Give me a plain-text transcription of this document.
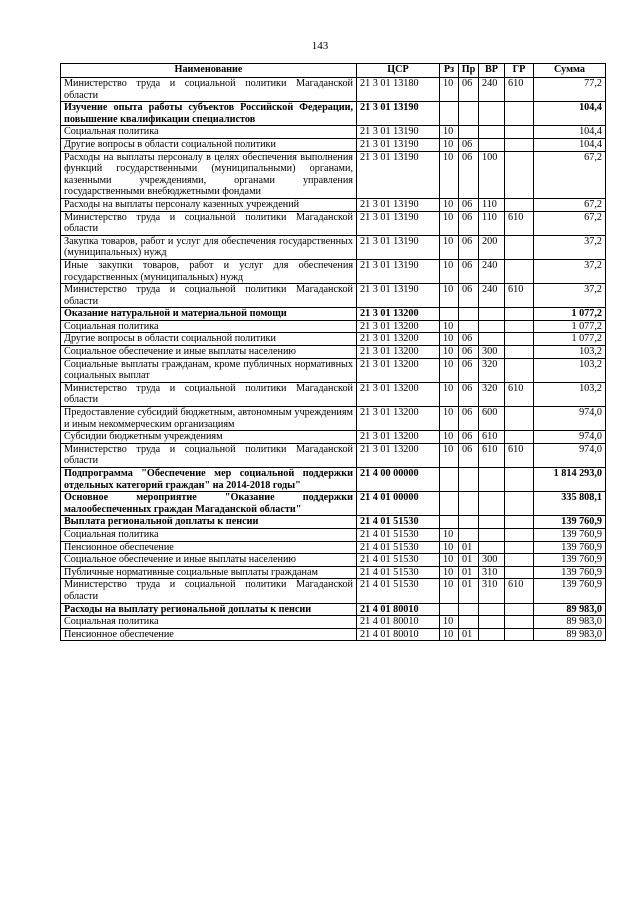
143
Наименование	ЦСР	Рз	Пр	ВР	ГР	Сумма
Министерство труда и социальной политики Магаданской области	21 3 01 13180	10	06	240	610	77,2
Изучение опыта работы субъектов Российской Федерации, повышение квалификации специалистов	21 3 01 13190					104,4
Социальная политика	21 3 01 13190	10				104,4
Другие вопросы в области социальной политики	21 3 01 13190	10	06			104,4
Расходы на выплаты персоналу в целях обеспечения выполнения функций государственными (муниципальными) органами, казенными учреждениями, органами управления государственными внебюджетными фондами	21 3 01 13190	10	06	100		67,2
Расходы на выплаты персоналу казенных учреждений	21 3 01 13190	10	06	110		67,2
Министерство труда и социальной политики Магаданской области	21 3 01 13190	10	06	110	610	67,2
Закупка товаров, работ и услуг для обеспечения государственных (муниципальных) нужд	21 3 01 13190	10	06	200		37,2
Иные закупки товаров, работ и услуг для обеспечения государственных (муниципальных) нужд	21 3 01 13190	10	06	240		37,2
Министерство труда и социальной политики Магаданской области	21 3 01 13190	10	06	240	610	37,2
Оказание натуральной и материальной помощи	21 3 01 13200					1 077,2
Социальная политика	21 3 01 13200	10				1 077,2
Другие вопросы в области социальной политики	21 3 01 13200	10	06			1 077,2
Социальное обеспечение и иные выплаты населению	21 3 01 13200	10	06	300		103,2
Социальные выплаты гражданам, кроме публичных нормативных социальных выплат	21 3 01 13200	10	06	320		103,2
Министерство труда и социальной политики Магаданской области	21 3 01 13200	10	06	320	610	103,2
Предоставление субсидий бюджетным, автономным учреждениям и иным некоммерческим организациям	21 3 01 13200	10	06	600		974,0
Субсидии бюджетным учреждениям	21 3 01 13200	10	06	610		974,0
Министерство труда и социальной политики Магаданской области	21 3 01 13200	10	06	610	610	974,0
Подпрограмма "Обеспечение мер социальной поддержки отдельных категорий граждан" на 2014-2018 годы"	21 4 00 00000					1 814 293,0
Основное мероприятие "Оказание поддержки малообеспеченных граждан Магаданской области"	21 4 01 00000					335 808,1
Выплата региональной доплаты к пенсии	21 4 01 51530					139 760,9
Социальная политика	21 4 01 51530	10				139 760,9
Пенсионное обеспечение	21 4 01 51530	10	01			139 760,9
Социальное обеспечение и иные выплаты населению	21 4 01 51530	10	01	300		139 760,9
Публичные нормативные социальные выплаты гражданам	21 4 01 51530	10	01	310		139 760,9
Министерство труда и социальной политики Магаданской области	21 4 01 51530	10	01	310	610	139 760,9
Расходы на выплату региональной доплаты к пенсии	21 4 01 80010					89 983,0
Социальная политика	21 4 01 80010	10				89 983,0
Пенсионное обеспечение	21 4 01 80010	10	01			89 983,0
